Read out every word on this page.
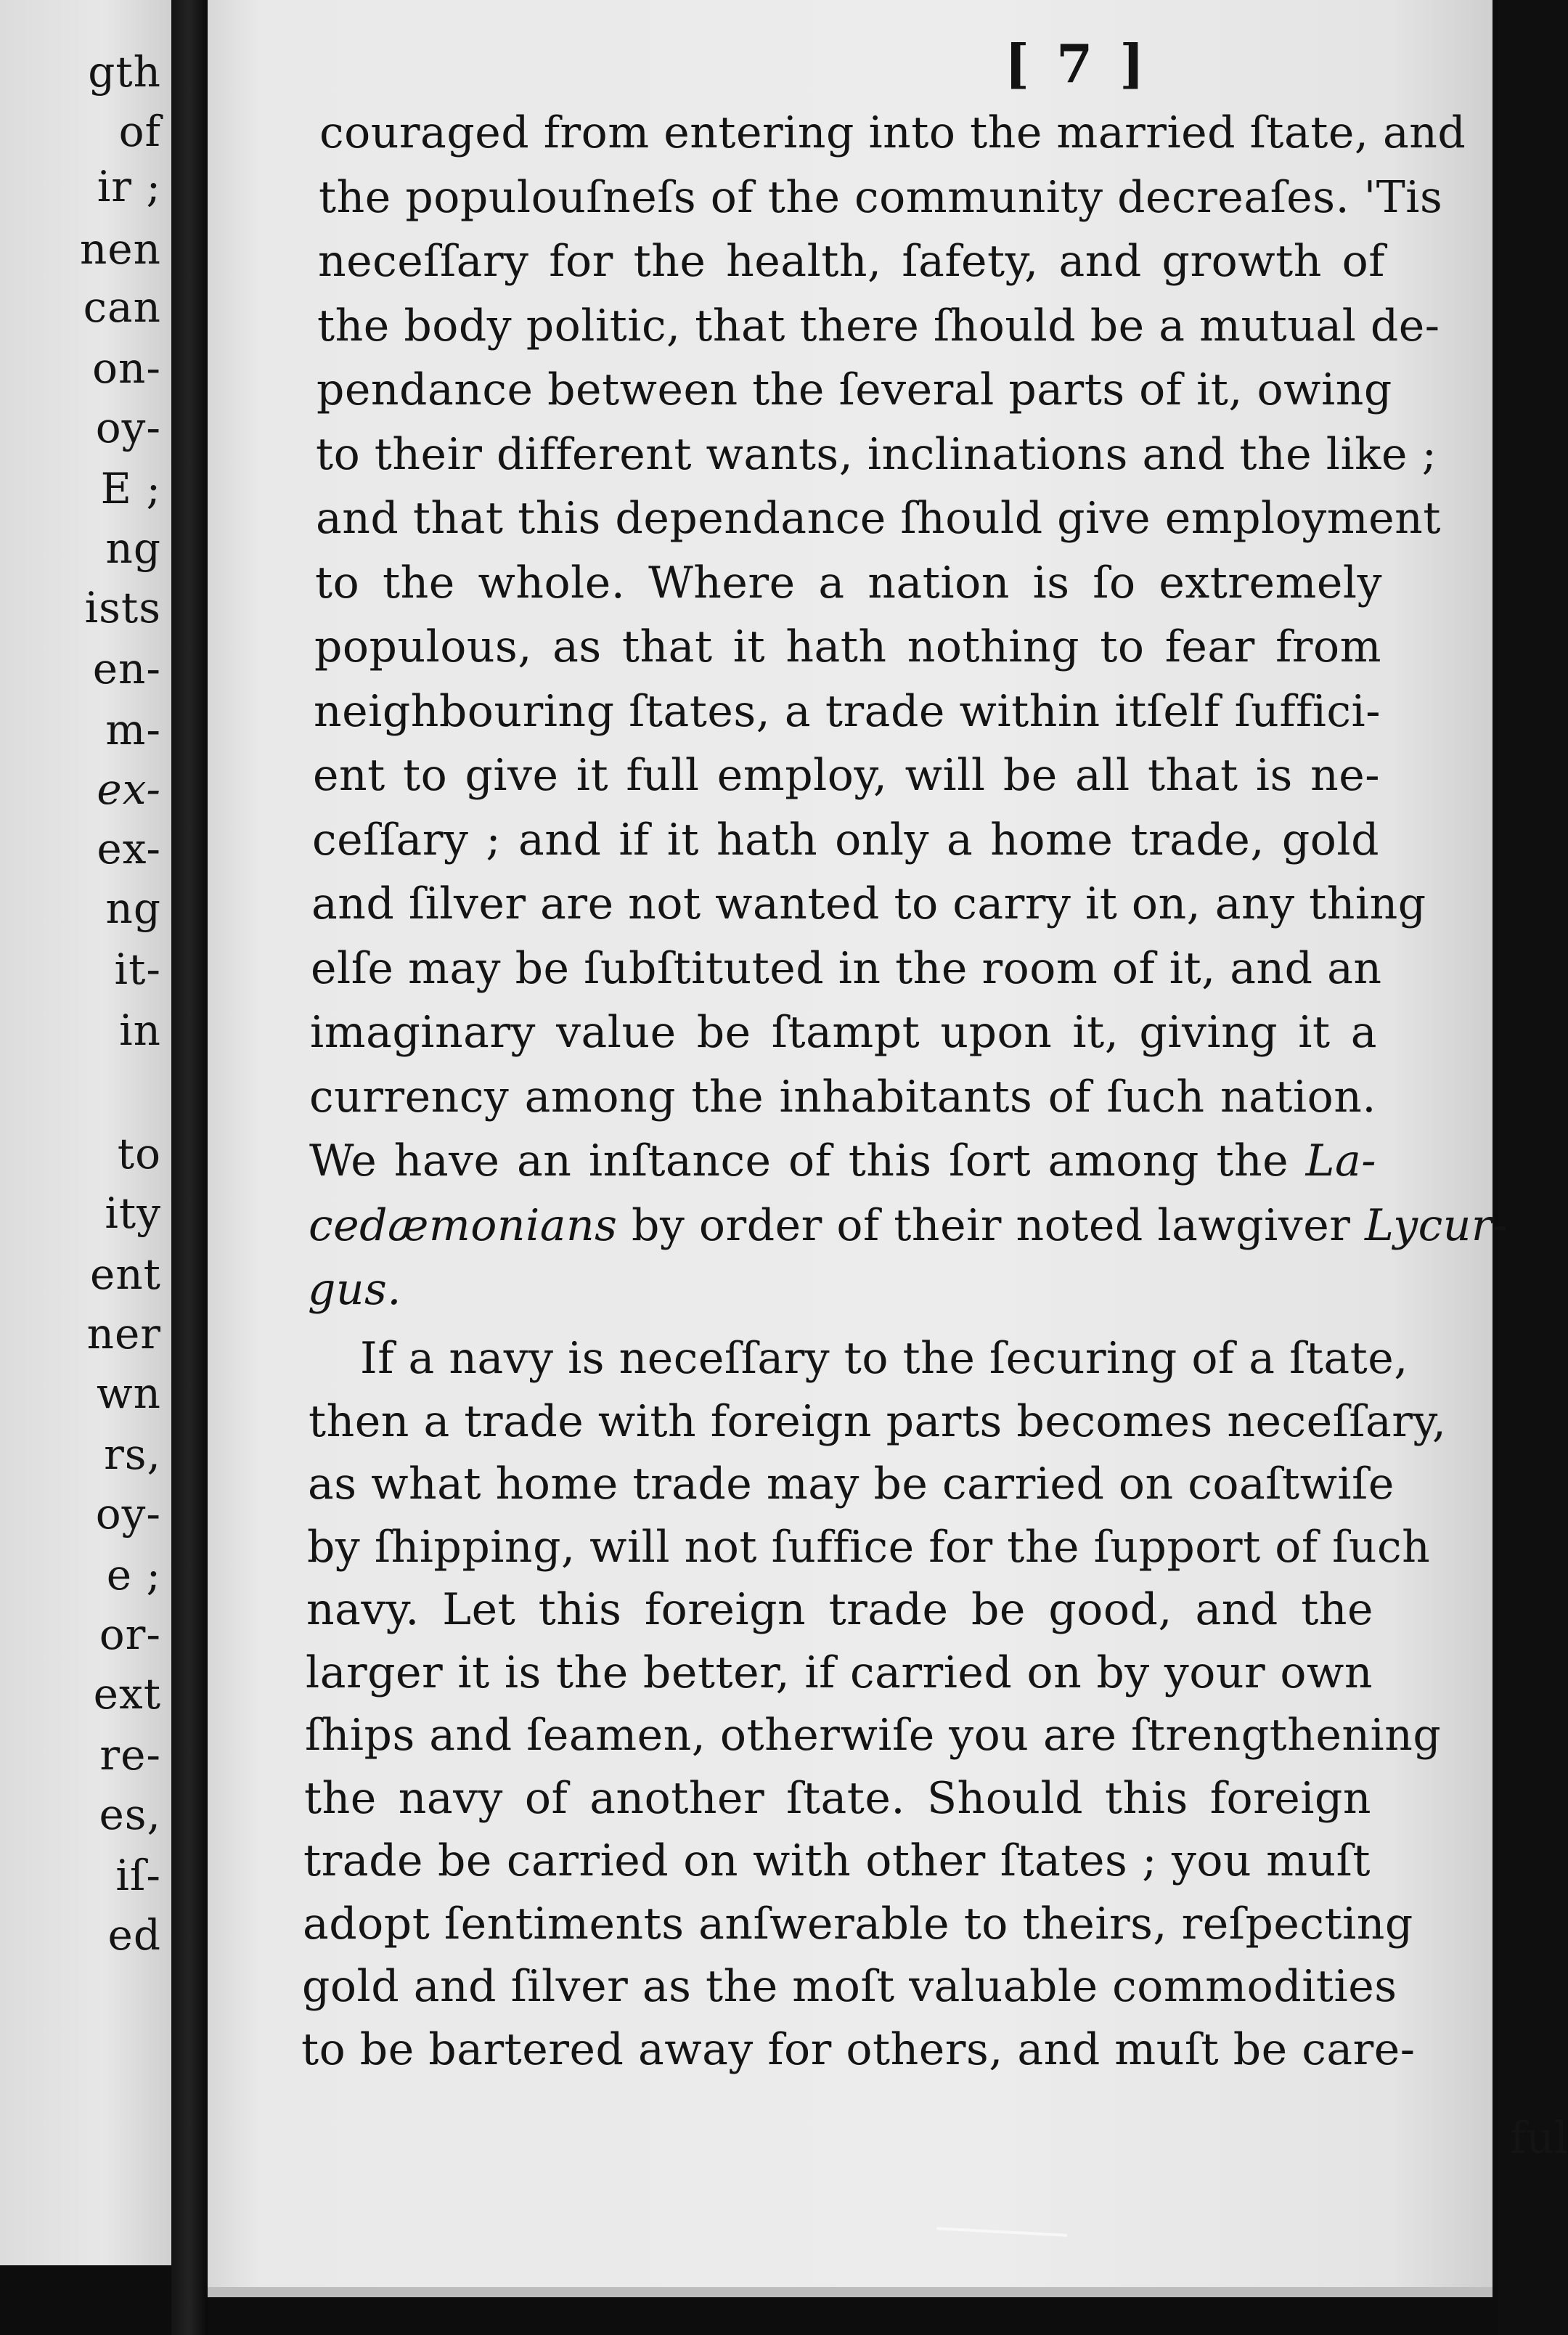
gth
of
ir ;
nen
can
on-
oy-
E ;
ng
ists
en-
m-
ex-
ex-
ng
it-
in
to
ity
ent
ner
wn
rs,
oy-
e ;
or-
ext
re-
es,
iſ-
ed
[ 7 ]
couraged from entering into the married ſtate, and
the populouſneſs of the community decreaſes. 'Tis
neceſſary for the health, ſafety, and growth of
the body politic, that there ſhould be a mutual de-
pendance between the ſeveral parts of it, owing
to their different wants, inclinations and the like ;
and that this dependance ſhould give employment
to the whole. Where a nation is ſo extremely
populous, as that it hath nothing to fear from
neighbouring ſtates, a trade within itſelf ſuffici-
ent to give it full employ, will be all that is ne-
ceſſary ; and if it hath only a home trade, gold
and ſilver are not wanted to carry it on, any thing
elſe may be ſubſtituted in the room of it, and an
imaginary value be ſtampt upon it, giving it a
currency among the inhabitants of ſuch nation.
We have an inſtance of this ſort among the La-
cedæmonians by order of their noted lawgiver Lycur-
gus.
If a navy is neceſſary to the ſecuring of a ſtate,
then a trade with foreign parts becomes neceſſary,
as what home trade may be carried on coaſtwiſe
by ſhipping, will not ſuffice for the ſupport of ſuch
navy. Let this foreign trade be good, and the
larger it is the better, if carried on by your own
ſhips and ſeamen, otherwiſe you are ſtrengthening
the navy of another ſtate. Should this foreign
trade be carried on with other ſtates ; you muſt
adopt ſentiments anſwerable to theirs, reſpecting
gold and ſilver as the moſt valuable commodities
to be bartered away for others, and muſt be care-
ful
